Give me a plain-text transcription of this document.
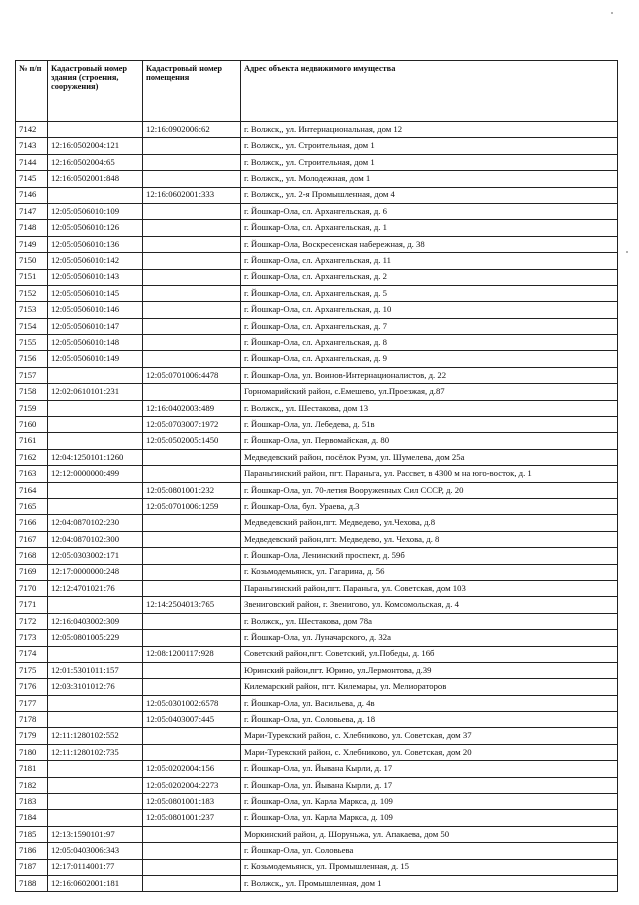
№ п/п	Кадастровый номер здания (строения, сооружения)	Кадастровый номер помещения	Адрес объекта недвижимого имущества
7142		12:16:0902006:62	г. Волжск,, ул. Интернациональная, дом 12
7143	12:16:0502004:121		г. Волжск,, ул. Строительная, дом 1
7144	12:16:0502004:65		г. Волжск,, ул. Строительная, дом 1
7145	12:16:0502001:848		г. Волжск,, ул. Молодежная, дом 1
7146		12:16:0602001:333	г. Волжск,, ул. 2-я Промышленная, дом 4
7147	12:05:0506010:109		г. Йошкар-Ола, сл. Архангельская, д. 6
7148	12:05:0506010:126		г. Йошкар-Ола, сл. Архангельская, д. 1
7149	12:05:0506010:136		г. Йошкар-Ола, Воскресенская набережная, д. 38
7150	12:05:0506010:142		г. Йошкар-Ола, сл. Архангельская, д. 11
7151	12:05:0506010:143		г. Йошкар-Ола, сл. Архангельская, д. 2
7152	12:05:0506010:145		г. Йошкар-Ола, сл. Архангельская, д. 5
7153	12:05:0506010:146		г. Йошкар-Ола, сл. Архангельская, д. 10
7154	12:05:0506010:147		г. Йошкар-Ола, сл. Архангельская, д. 7
7155	12:05:0506010:148		г. Йошкар-Ола, сл. Архангельская, д. 8
7156	12:05:0506010:149		г. Йошкар-Ола, сл. Архангельская, д. 9
7157		12:05:0701006:4478	г. Йошкар-Ола, ул. Воинов-Интернационалистов, д. 22
7158	12:02:0610101:231		Горномарийский район, с.Емешево, ул.Проезжая, д.87
7159		12:16:0402003:489	г. Волжск,, ул. Шестакова, дом 13
7160		12:05:0703007:1972	г. Йошкар-Ола, ул. Лебедева, д. 51в
7161		12:05:0502005:1450	г. Йошкар-Ола, ул. Первомайская, д. 80
7162	12:04:1250101:1260		Медведевский район, посёлок Руэм, ул. Шумелева, дом 25а
7163	12:12:0000000:499		Параньгинский район, пгт. Параньга, ул. Рассвет, в 4300 м на юго-восток, д. 1
7164		12:05:0801001:232	г. Йошкар-Ола, ул. 70-летия Вооруженных Сил СССР, д. 20
7165		12:05:0701006:1259	г. Йошкар-Ола, бул. Ураева, д.3
7166	12:04:0870102:230		Медведевский район,пгт. Медведево, ул.Чехова, д.8
7167	12:04:0870102:300		Медведевский район,пгт. Медведево, ул. Чехова, д. 8
7168	12:05:0303002:171		г. Йошкар-Ола, Ленинский проспект, д. 59б
7169	12:17:0000000:248		г. Козьмодемьянск, ул. Гагарина, д. 56
7170	12:12:4701021:76		Параньгинский район,пгт. Параньга, ул. Советская, дом 103
7171		12:14:2504013:765	Звениговский район, г. Звенигово, ул. Комсомольская, д. 4
7172	12:16:0403002:309		г. Волжск,, ул. Шестакова, дом 78а
7173	12:05:0801005:229		г. Йошкар-Ола, ул. Луначарского, д. 32а
7174		12:08:1200117:928	Советский район,пгт. Советский, ул.Победы, д. 16б
7175	12:01:5301011:157		Юринский район,пгт. Юрино, ул.Лермонтова, д.39
7176	12:03:3101012:76		Килемарский район, пгт. Килемары, ул. Мелиораторов
7177		12:05:0301002:6578	г. Йошкар-Ола, ул. Васильева, д. 4в
7178		12:05:0403007:445	г. Йошкар-Ола, ул. Соловьева, д. 18
7179	12:11:1280102:552		Мари-Турекский район, с. Хлебниково, ул. Советская, дом 37
7180	12:11:1280102:735		Мари-Турекский район, с. Хлебниково, ул. Советская, дом 20
7181		12:05:0202004:156	г. Йошкар-Ола, ул. Йывана Кырли, д. 17
7182		12:05:0202004:2273	г. Йошкар-Ола, ул. Йывана Кырли, д. 17
7183		12:05:0801001:183	г. Йошкар-Ола, ул. Карла Маркса, д. 109
7184		12:05:0801001:237	г. Йошкар-Ола, ул. Карла Маркса, д. 109
7185	12:13:1590101:97		Моркинский район, д. Шоруньжа, ул. Апакаева, дом 50
7186	12:05:0403006:343		г. Йошкар-Ола, ул. Соловьева
7187	12:17:0114001:77		г. Козьмодемьянск, ул. Промышленная, д. 15
7188	12:16:0602001:181		г. Волжск,, ул. Промышленная, дом 1
